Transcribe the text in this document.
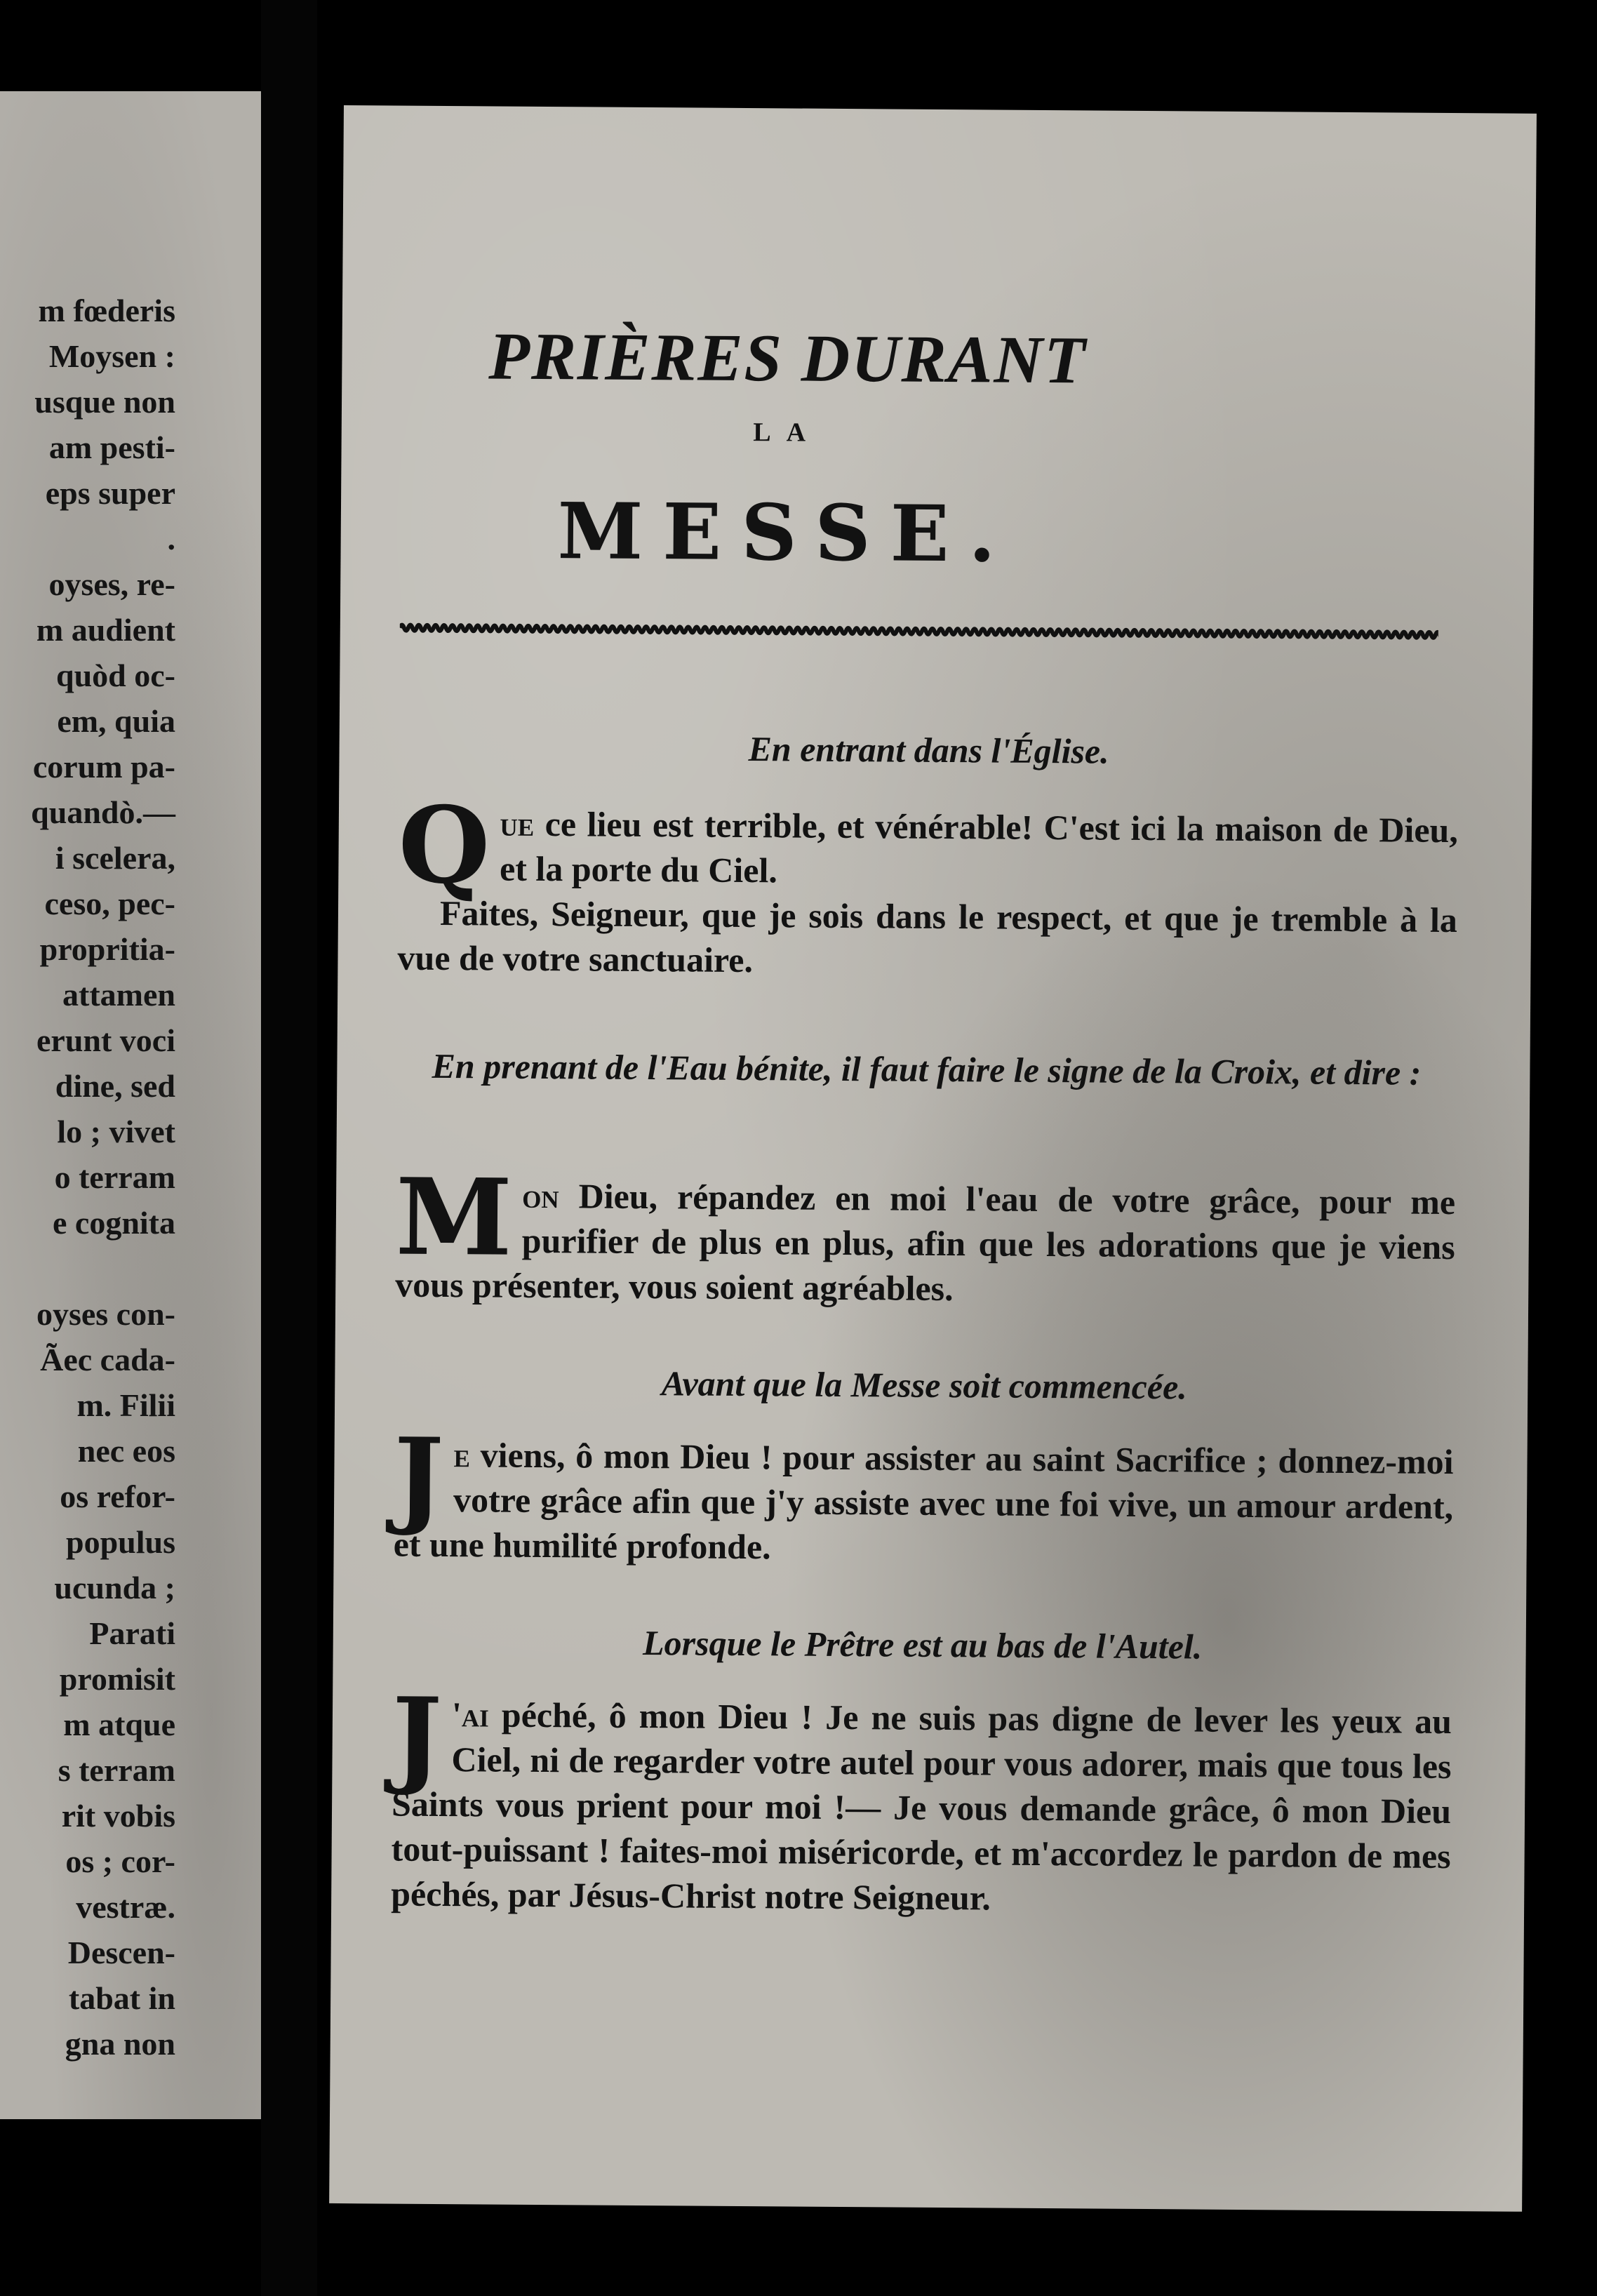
m fœderis
Moysen :
usque non
am pesti-
eps super
.
oyses, re-
m audient
quòd oc-
em, quia
corum pa-
quandò.—
i scelera,
ceso, pec-
propritia-
attamen
erunt voci
dine, sed
lo ; vivet
o terram
e cognita
oyses con-
Ãec cada-
m. Filii
nec eos
os refor-
populus
ucunda ;
Parati
promisit
m atque
s terram
rit vobis
os ; cor-
vestræ.
Descen-
tabat in
gna non
PRIÈRES DURANT
LA
MESSE.
En entrant dans l'Église.
Que ce lieu est terrible, et vénérable! C'est ici la maison de Dieu, et la porte du Ciel.
Faites, Seigneur, que je sois dans le respect, et que je tremble à la vue de votre sanctuaire.
En prenant de l'Eau bénite, il faut faire le signe de la Croix, et dire :
Mon Dieu, répandez en moi l'eau de votre grâce, pour me purifier de plus en plus, afin que les adorations que je viens vous présenter, vous soient agréables.
Avant que la Messe soit commencée.
Je viens, ô mon Dieu ! pour assister au saint Sacrifice ; donnez-moi votre grâce afin que j'y assiste avec une foi vive, un amour ardent, et une humilité profonde.
Lorsque le Prêtre est au bas de l'Autel.
J 'ai péché, ô mon Dieu ! Je ne suis pas digne de lever les yeux au Ciel, ni de regarder votre autel pour vous adorer, mais que tous les Saints vous prient pour moi !— Je vous demande grâce, ô mon Dieu tout-puissant ! faites-moi miséricorde, et m'accordez le pardon de mes péchés, par Jésus-Christ notre Seigneur.
